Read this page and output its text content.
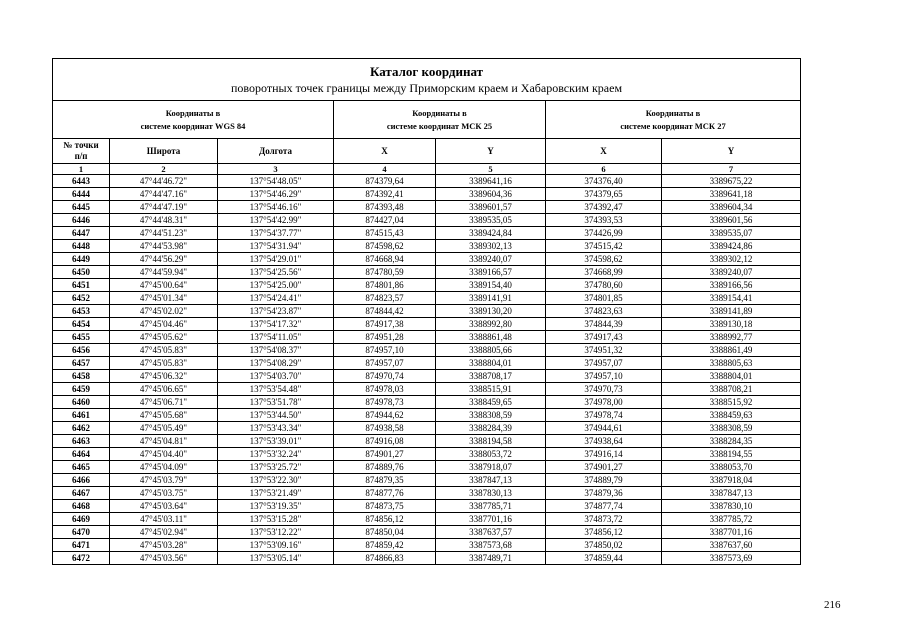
Каталог координат
поворотных точек границы между Приморским краем и Хабаровским краем						

Координаты в
системе координат WGS 84			Координаты в
системе координат МСК 25		Координаты в
системе координат МСК 27	
№ точки
п/п	Широта	Долгота	X	Y	X	Y
1	2	3	4	5	6	7
6443	47°44'46.72"	137°54'48.05"	874379,64	3389641,16	374376,40	3389675,22
6444	47°44'47.16"	137°54'46.29"	874392,41	3389604,36	374379,65	3389641,18
6445	47°44'47.19"	137°54'46.16"	874393,48	3389601,57	374392,47	3389604,34
6446	47°44'48.31"	137°54'42.99"	874427,04	3389535,05	374393,53	3389601,56
6447	47°44'51.23"	137°54'37.77"	874515,43	3389424,84	374426,99	3389535,07
6448	47°44'53.98"	137°54'31.94"	874598,62	3389302,13	374515,42	3389424,86
6449	47°44'56.29"	137°54'29.01"	874668,94	3389240,07	374598,62	3389302,12
6450	47°44'59.94"	137°54'25.56"	874780,59	3389166,57	374668,99	3389240,07
6451	47°45'00.64"	137°54'25.00"	874801,86	3389154,40	374780,60	3389166,56
6452	47°45'01.34"	137°54'24.41"	874823,57	3389141,91	374801,85	3389154,41
6453	47°45'02.02"	137°54'23.87"	874844,42	3389130,20	374823,63	3389141,89
6454	47°45'04.46"	137°54'17.32"	874917,38	3388992,80	374844,39	3389130,18
6455	47°45'05.62"	137°54'11.05"	874951,28	3388861,48	374917,43	3388992,77
6456	47°45'05.83"	137°54'08.37"	874957,10	3388805,66	374951,32	3388861,49
6457	47°45'05.83"	137°54'08.29"	874957,07	3388804,01	374957,07	3388805,63
6458	47°45'06.32"	137°54'03.70"	874970,74	3388708,17	374957,10	3388804,01
6459	47°45'06.65"	137°53'54.48"	874978,03	3388515,91	374970,73	3388708,21
6460	47°45'06.71"	137°53'51.78"	874978,73	3388459,65	374978,00	3388515,92
6461	47°45'05.68"	137°53'44.50"	874944,62	3388308,59	374978,74	3388459,63
6462	47°45'05.49"	137°53'43.34"	874938,58	3388284,39	374944,61	3388308,59
6463	47°45'04.81"	137°53'39.01"	874916,08	3388194,58	374938,64	3388284,35
6464	47°45'04.40"	137°53'32.24"	874901,27	3388053,72	374916,14	3388194,55
6465	47°45'04.09"	137°53'25.72"	874889,76	3387918,07	374901,27	3388053,70
6466	47°45'03.79"	137°53'22.30"	874879,35	3387847,13	374889,79	3387918,04
6467	47°45'03.75"	137°53'21.49"	874877,76	3387830,13	374879,36	3387847,13
6468	47°45'03.64"	137°53'19.35"	874873,75	3387785,71	374877,74	3387830,10
6469	47°45'03.11"	137°53'15.28"	874856,12	3387701,16	374873,72	3387785,72
6470	47°45'02.94"	137°53'12.22"	874850,04	3387637,57	374856,12	3387701,16
6471	47°45'03.28"	137°53'09.16"	874859,42	3387573,68	374850,02	3387637,60
6472	47°45'03.56"	137°53'05.14"	874866,83	3387489,71	374859,44	3387573,69
216
